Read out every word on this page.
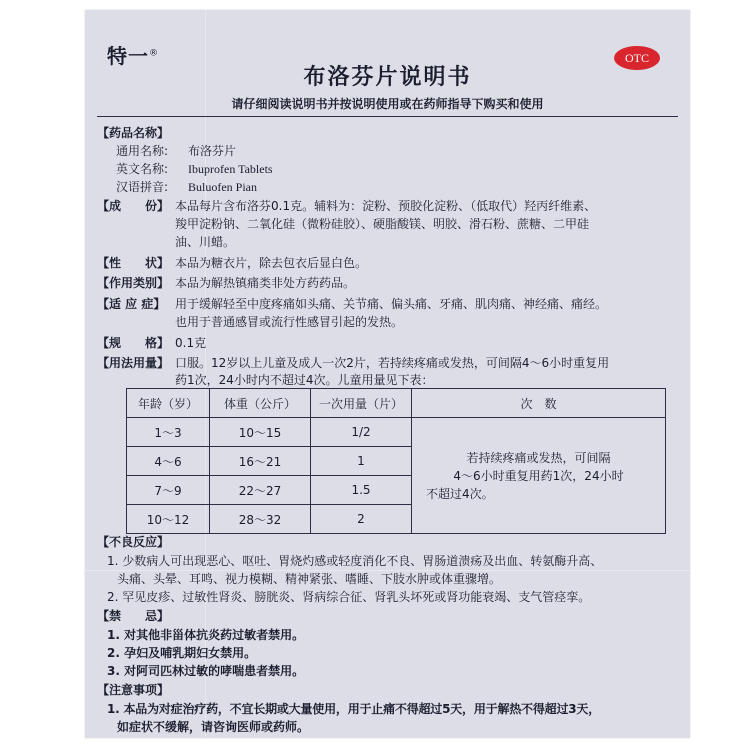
特一®	OTC
布洛芬片说明书
请仔细阅读说明书并按说明使用或在药师指导下购买和使用
【药品名称】
通用名称: 布洛芬片
英文名称: Ibuprofen Tablets
汉语拼音: Buluofen Pian
【成　　份】 本品每片含布洛芬0.1克。辅料为：淀粉、预胶化淀粉、（低取代）羟丙纤维素、
羧甲淀粉钠、二氧化硅（微粉硅胶）、硬脂酸镁、明胶、滑石粉、蔗糖、二甲硅
油、川蜡。
【性　　状】 本品为糖衣片，除去包衣后显白色。
【作用类别】 本品为解热镇痛类非处方药药品。
【适 应 症】 用于缓解轻至中度疼痛如头痛、关节痛、偏头痛、牙痛、肌肉痛、神经痛、痛经。
也用于普通感冒或流行性感冒引起的发热。
【规　　格】 0.1克
【用法用量】 口服。12岁以上儿童及成人一次2片，若持续疼痛或发热，可间隔4～6小时重复用
药1次，24小时内不超过4次。儿童用量见下表：
年龄（岁）	体重（公斤）	一次用量（片）	次　数
1～3	10～15	1/2	若持续疼痛或发热，可间隔
4～6小时重复用药1次，24小时
不超过4次。

4～6	16～21	1	
7～9	22～27	1.5	
10～12	28～32	2	
【不良反应】
1. 少数病人可出现恶心、呕吐、胃烧灼感或轻度消化不良、胃肠道溃疡及出血、转氨酶升高、
头痛、头晕、耳鸣、视力模糊、精神紧张、嗜睡、下肢水肿或体重骤增。
2. 罕见皮疹、过敏性肾炎、膀胱炎、肾病综合征、肾乳头坏死或肾功能衰竭、支气管痉挛。
【禁　　忌】
1. 对其他非甾体抗炎药过敏者禁用。
2. 孕妇及哺乳期妇女禁用。
3. 对阿司匹林过敏的哮喘患者禁用。
【注意事项】
1. 本品为对症治疗药，不宜长期或大量使用，用于止痛不得超过5天，用于解热不得超过3天，
如症状不缓解，请咨询医师或药师。
